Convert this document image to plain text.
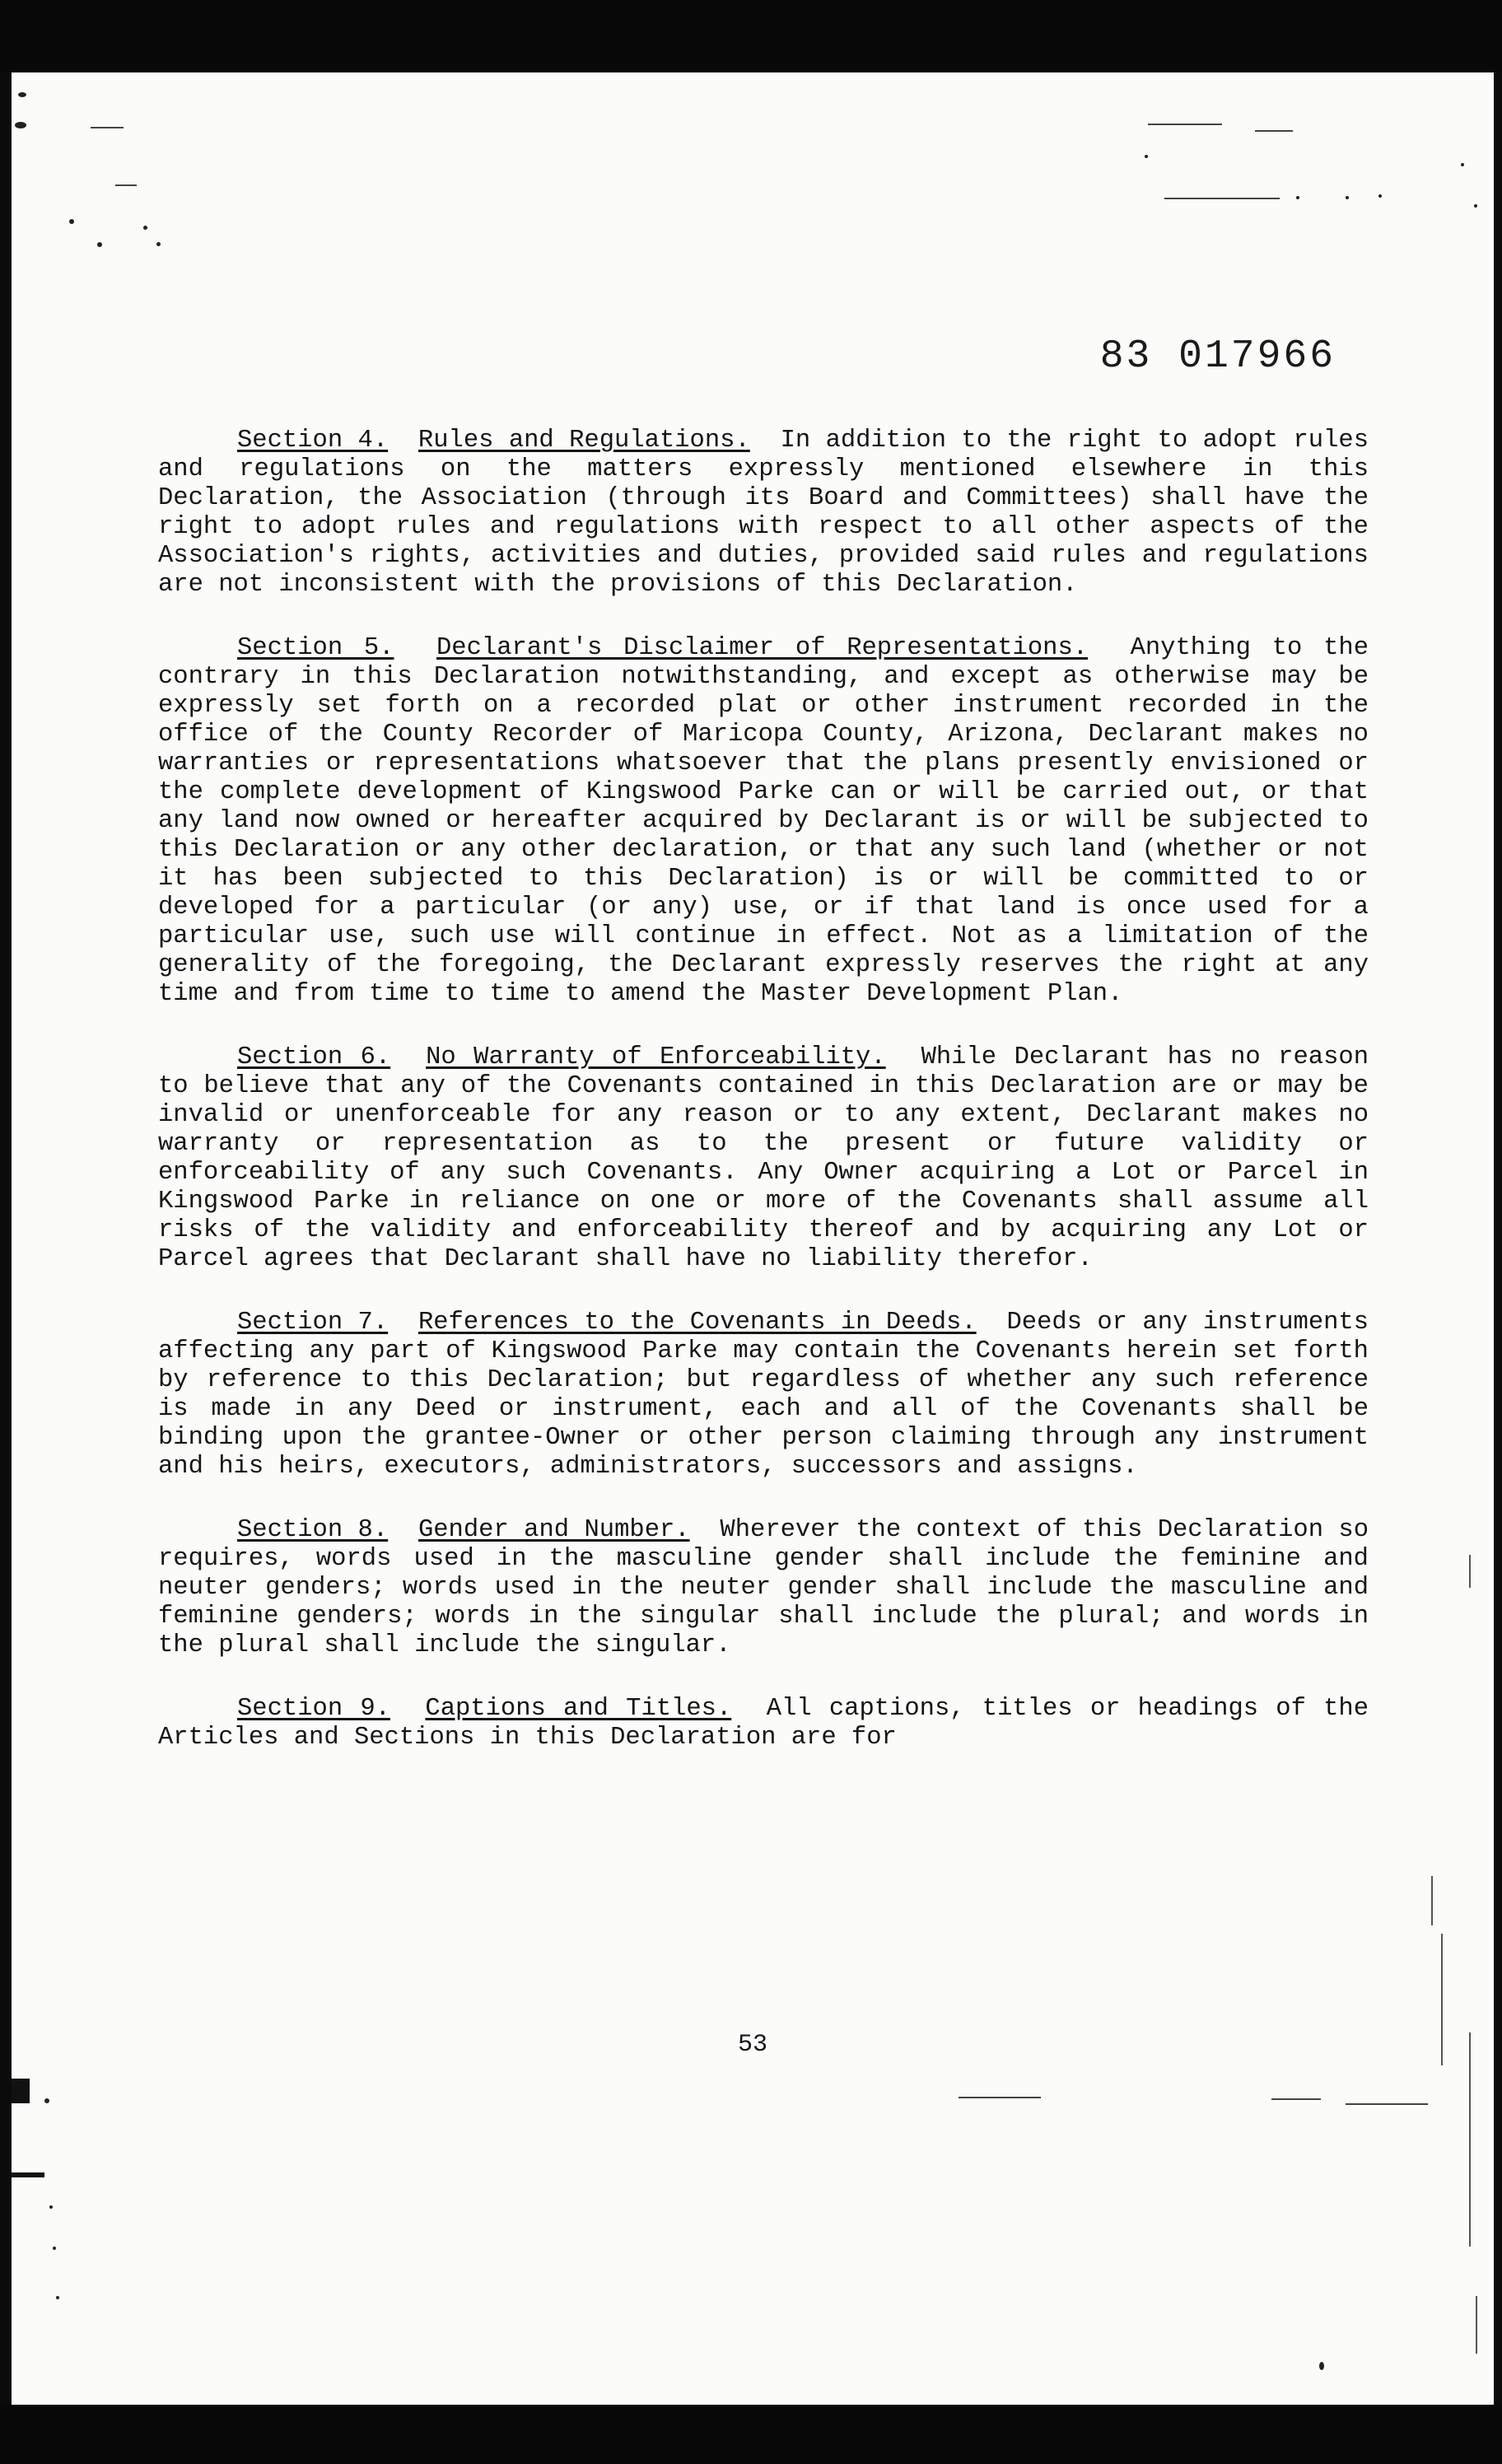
83 017966

Section 4. Rules and Regulations. In addition to the right to adopt rules and regulations on the matters expressly mentioned elsewhere in this Declaration, the Association (through its Board and Committees) shall have the right to adopt rules and regulations with respect to all other aspects of the Association's rights, activities and duties, provided said rules and regulations are not inconsistent with the provisions of this Declaration.

Section 5. Declarant's Disclaimer of Representations. Anything to the contrary in this Declaration notwithstanding, and except as otherwise may be expressly set forth on a recorded plat or other instrument recorded in the office of the County Recorder of Maricopa County, Arizona, Declarant makes no warranties or representations whatsoever that the plans presently envisioned or the complete development of Kingswood Parke can or will be carried out, or that any land now owned or hereafter acquired by Declarant is or will be subjected to this Declaration or any other declaration, or that any such land (whether or not it has been subjected to this Declaration) is or will be committed to or developed for a particular (or any) use, or if that land is once used for a particular use, such use will continue in effect. Not as a limitation of the generality of the foregoing, the Declarant expressly reserves the right at any time and from time to time to amend the Master Development Plan.

Section 6. No Warranty of Enforceability. While Declarant has no reason to believe that any of the Covenants contained in this Declaration are or may be invalid or unenforceable for any reason or to any extent, Declarant makes no warranty or representation as to the present or future validity or enforceability of any such Covenants. Any Owner acquiring a Lot or Parcel in Kingswood Parke in reliance on one or more of the Covenants shall assume all risks of the validity and enforceability thereof and by acquiring any Lot or Parcel agrees that Declarant shall have no liability therefor.

Section 7. References to the Covenants in Deeds. Deeds or any instruments affecting any part of Kingswood Parke may contain the Covenants herein set forth by reference to this Declaration; but regardless of whether any such reference is made in any Deed or instrument, each and all of the Covenants shall be binding upon the grantee-Owner or other person claiming through any instrument and his heirs, executors, administrators, successors and assigns.

Section 8. Gender and Number. Wherever the context of this Declaration so requires, words used in the masculine gender shall include the feminine and neuter genders; words used in the neuter gender shall include the masculine and feminine genders; words in the singular shall include the plural; and words in the plural shall include the singular.

Section 9. Captions and Titles. All captions, titles or headings of the Articles and Sections in this Declaration are for

53
